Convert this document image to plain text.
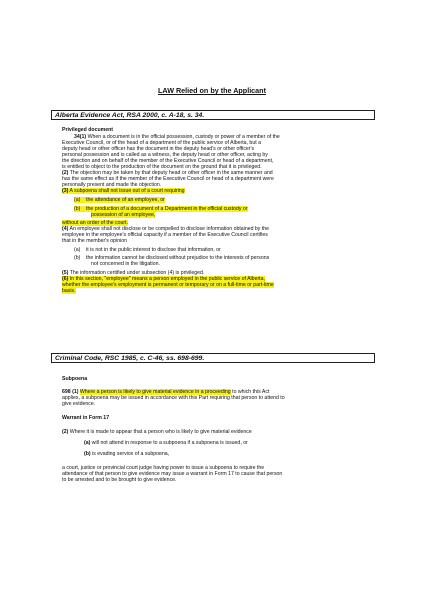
LAW Relied on by the Applicant
Alberta Evidence Act, RSA 2000, c. A-18, s. 34.

Privileged document

34(1) When a document is in the official possession, custody or power of a member of the

Executive Council, or of the head of a department of the public service of Alberta, but a

deputy head or other officer has the document in the deputy head's or other officer's

personal possession and is called as a witness, the deputy head or other officer, acting by

the direction and on behalf of the member of the Executive Council or head of a department,

is entitled to object to the production of the document on the ground that it is privileged.

(2) The objection may be taken by that deputy head or other officer in the same manner and

has the same effect as if the member of the Executive Council or head of a department were

personally present and made the objection.

(3) A subpoena shall not issue out of a court requiring

(a) the attendance of an employee, or

(b) the production of a document of a Department in the official custody or
possession of an employee,

without an order of the court.

(4) An employee shall not disclose or be compelled to disclose information obtained by the

employee in the employee's official capacity if a member of the Executive Council certifies

that in the member's opinion

(a) it is not in the public interest to disclose that information, or

(b) the information cannot be disclosed without prejudice to the interests of persons
not concerned in the litigation.

(5) The information certified under subsection (4) is privileged.

(6) In this section, "employee" means a person employed in the public service of Alberta,

whether the employee's employment is permanent or temporary or on a full-time or part-time

basis.

Criminal Code, RSC 1985, c. C-46, ss. 698-699.

Subpoena

698 (1) Where a person is likely to give material evidence in a proceeding to which this Act

applies, a subpoena may be issued in accordance with this Part requiring that person to attend to

give evidence.

Warrant in Form 17

(2) Where it is made to appear that a person who is likely to give material evidence

(a) will not attend in response to a subpoena if a subpoena is issued, or

(b) is evading service of a subpoena,

a court, justice or provincial court judge having power to issue a subpoena to require the

attendance of that person to give evidence may issue a warrant in Form 17 to cause that person

to be arrested and to be brought to give evidence.
